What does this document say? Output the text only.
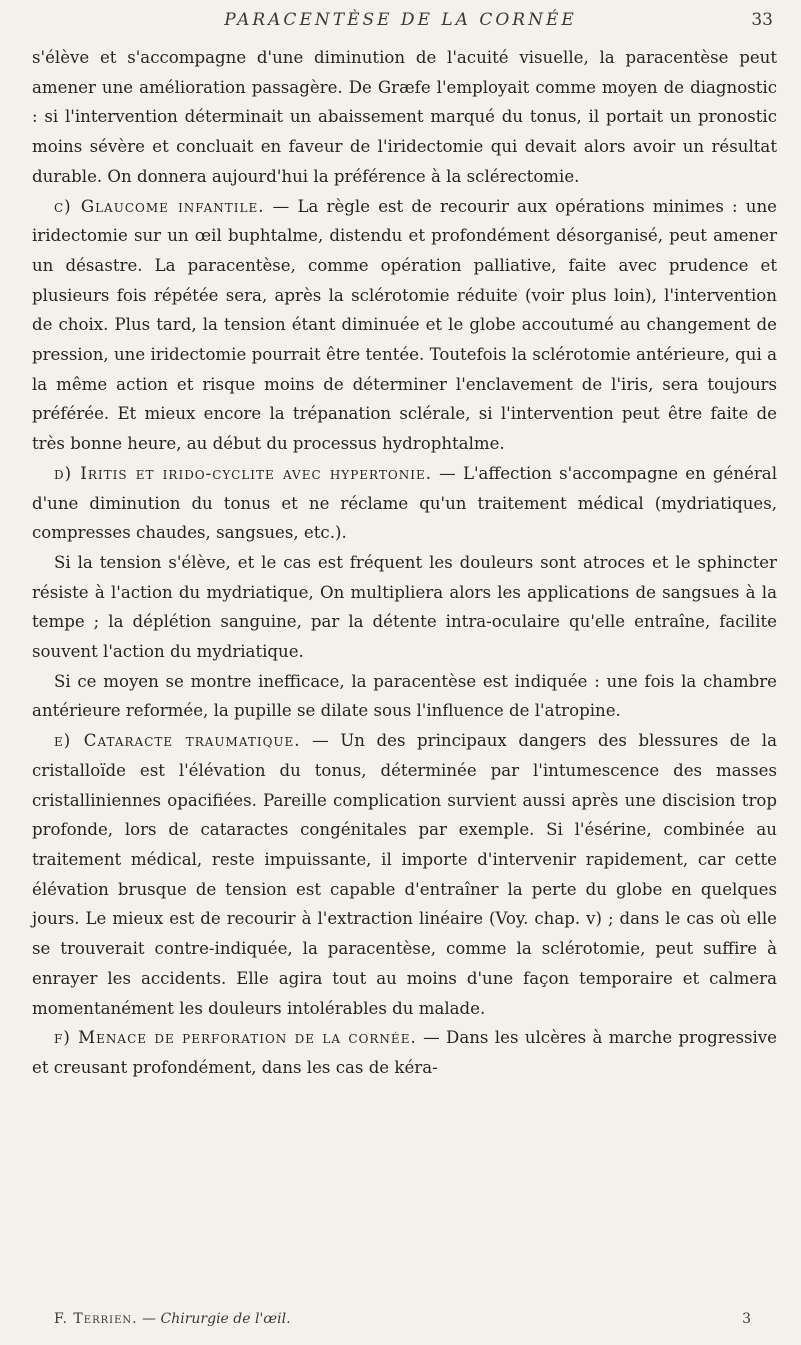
PARACENTÈSE DE LA CORNÉE	33

s'élève et s'accompagne d'une diminution de l'acuité visuelle, la paracentèse peut amener une amélioration passagère. De Græfe l'employait comme moyen de diagnostic : si l'intervention déterminait un abaissement marqué du tonus, il portait un pronostic moins sévère et concluait en faveur de l'iridectomie qui devait alors avoir un résultat durable. On donnera aujourd'hui la préférence à la sclérectomie.

c) Glaucome infantile. — La règle est de recourir aux opérations minimes : une iridectomie sur un œil buphtalme, distendu et profondément désorganisé, peut amener un désastre. La paracentèse, comme opération palliative, faite avec prudence et plusieurs fois répétée sera, après la sclérotomie réduite (voir plus loin), l'intervention de choix. Plus tard, la tension étant diminuée et le globe accoutumé au changement de pression, une iridectomie pourrait être tentée. Toutefois la sclérotomie antérieure, qui a la même action et risque moins de déterminer l'enclavement de l'iris, sera toujours préférée. Et mieux encore la trépanation sclérale, si l'intervention peut être faite de très bonne heure, au début du processus hydrophtalme.

d) Iritis et irido-cyclite avec hypertonie. — L'affection s'accompagne en général d'une diminution du tonus et ne réclame qu'un traitement médical (mydriatiques, compresses chaudes, sangsues, etc.).

Si la tension s'élève, et le cas est fréquent les douleurs sont atroces et le sphincter résiste à l'action du mydriatique, On multipliera alors les applications de sangsues à la tempe ; la déplétion sanguine, par la détente intra-oculaire qu'elle entraîne, facilite souvent l'action du mydriatique.

Si ce moyen se montre inefficace, la paracentèse est indiquée : une fois la chambre antérieure reformée, la pupille se dilate sous l'influence de l'atropine.

e) Cataracte traumatique. — Un des principaux dangers des blessures de la cristalloïde est l'élévation du tonus, déterminée par l'intumescence des masses cristalliniennes opacifiées. Pareille complication survient aussi après une discision trop profonde, lors de cataractes congénitales par exemple. Si l'ésérine, combinée au traitement médical, reste impuissante, il importe d'intervenir rapidement, car cette élévation brusque de tension est capable d'entraîner la perte du globe en quelques jours. Le mieux est de recourir à l'extraction linéaire (Voy. chap. v) ; dans le cas où elle se trouverait contre-indiquée, la paracentèse, comme la sclérotomie, peut suffire à enrayer les accidents. Elle agira tout au moins d'une façon temporaire et calmera momentanément les douleurs intolérables du malade.

f) Menace de perforation de la cornée. — Dans les ulcères à marche progressive et creusant profondément, dans les cas de kéra-

F. Terrien. — Chirurgie de l'œil.	3
